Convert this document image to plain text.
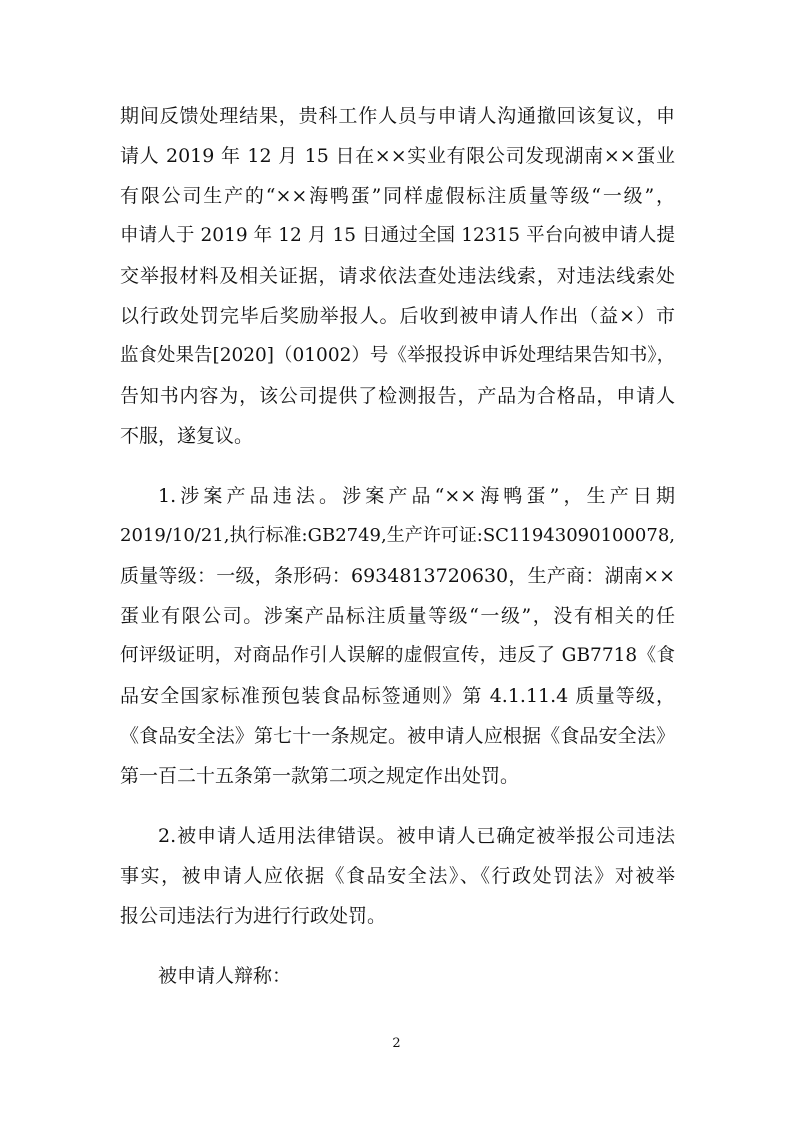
期间反馈处理结果，贵科工作人员与申请人沟通撤回该复议，申
请人 2019 年 12 月 15 日在××实业有限公司发现湖南××蛋业
有限公司生产的“××海鸭蛋”同样虚假标注质量等级“一级”，
申请人于 2019 年 12 月 15 日通过全国 12315 平台向被申请人提
交举报材料及相关证据，请求依法查处违法线索，对违法线索处
以行政处罚完毕后奖励举报人。后收到被申请人作出（益×）市
监食处果告[2020]（01002）号《举报投诉申诉处理结果告知书》，
告知书内容为，该公司提供了检测报告，产品为合格品，申请人
不服，遂复议。
1.涉案产品违法。涉案产品“××海鸭蛋”，生产日期
2019/10/21,执行标准:GB2749,生产许可证:SC11943090100078,
质量等级：一级，条形码：6934813720630，生产商：湖南××
蛋业有限公司。涉案产品标注质量等级“一级”，没有相关的任
何评级证明，对商品作引人误解的虚假宣传，违反了 GB7718《食
品安全国家标准预包装食品标签通则》第 4.1.11.4 质量等级，
《食品安全法》第七十一条规定。被申请人应根据《食品安全法》
第一百二十五条第一款第二项之规定作出处罚。
2.被申请人适用法律错误。被申请人已确定被举报公司违法
事实，被申请人应依据《食品安全法》、《行政处罚法》对被举
报公司违法行为进行行政处罚。
被申请人辩称：
2
